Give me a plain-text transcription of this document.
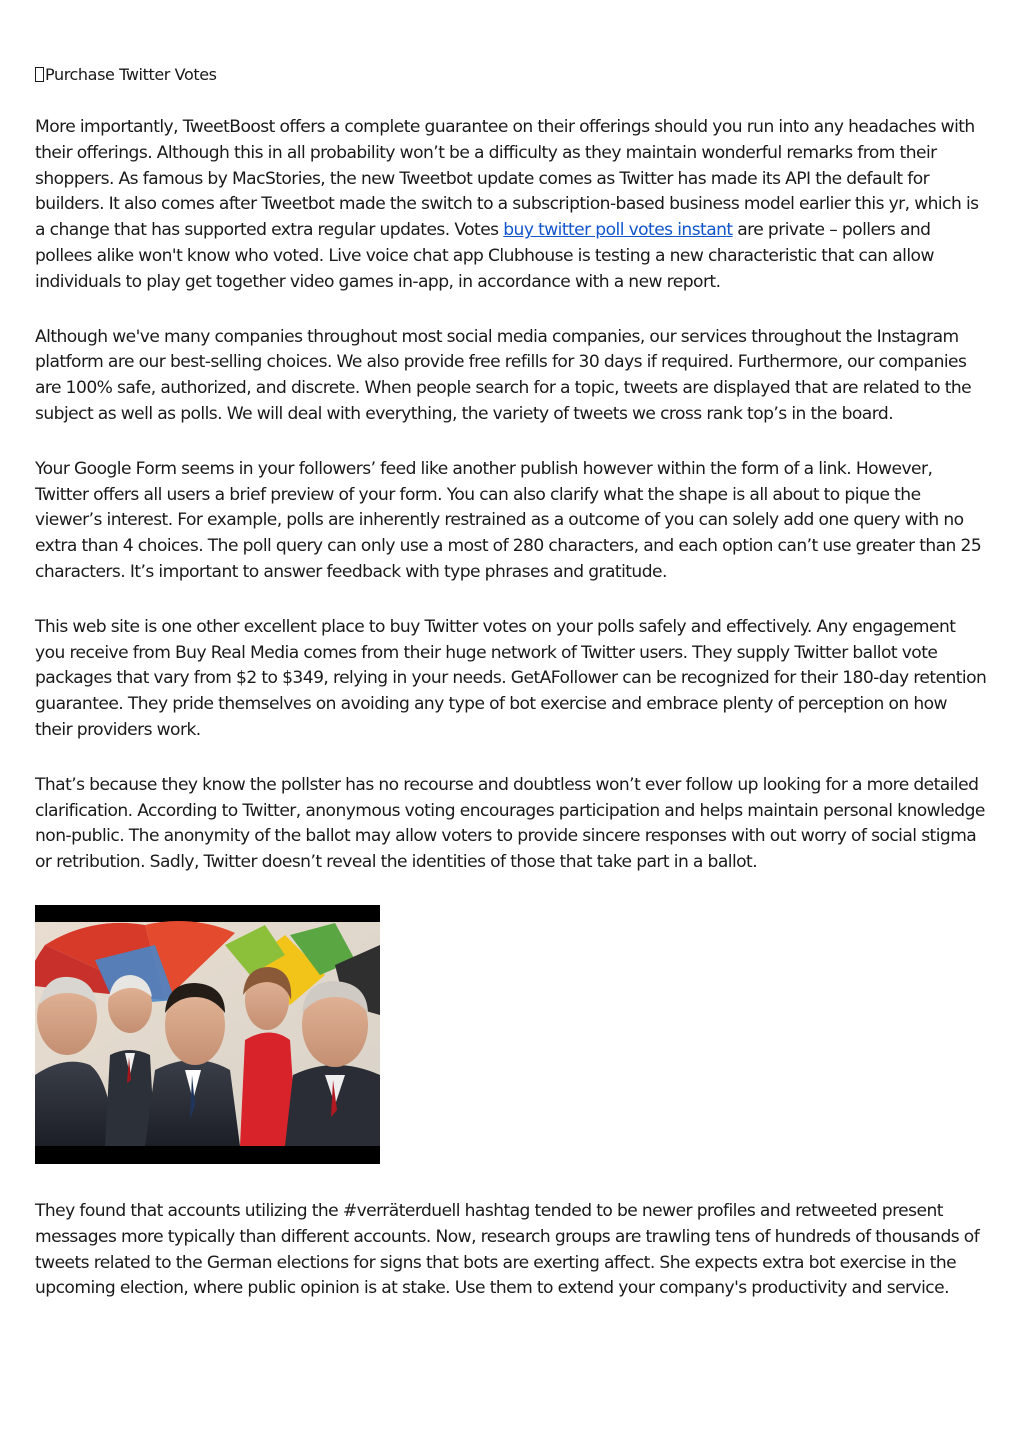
Purchase Twitter Votes

More importantly, TweetBoost offers a complete guarantee on their offerings should you run into any headaches with their offerings. Although this in all probability won’t be a difficulty as they maintain wonderful remarks from their shoppers. As famous by MacStories, the new Tweetbot update comes as Twitter has made its API the default for builders. It also comes after Tweetbot made the switch to a subscription-based business model earlier this yr, which is a change that has supported extra regular updates. Votes buy twitter poll votes instant are private – pollers and pollees alike won't know who voted. Live voice chat app Clubhouse is testing a new characteristic that can allow individuals to play get together video games in-app, in accordance with a new report.

Although we've many companies throughout most social media companies, our services throughout the Instagram platform are our best-selling choices. We also provide free refills for 30 days if required. Furthermore, our companies are 100% safe, authorized, and discrete. When people search for a topic, tweets are displayed that are related to the subject as well as polls. We will deal with everything, the variety of tweets we cross rank top’s in the board.

Your Google Form seems in your followers’ feed like another publish however within the form of a link. However, Twitter offers all users a brief preview of your form. You can also clarify what the shape is all about to pique the viewer’s interest. For example, polls are inherently restrained as a outcome of you can solely add one query with no extra than 4 choices. The poll query can only use a most of 280 characters, and each option can’t use greater than 25 characters. It’s important to answer feedback with type phrases and gratitude.

This web site is one other excellent place to buy Twitter votes on your polls safely and effectively. Any engagement you receive from Buy Real Media comes from their huge network of Twitter users. They supply Twitter ballot vote packages that vary from $2 to $349, relying in your needs. GetAFollower can be recognized for their 180-day retention guarantee. They pride themselves on avoiding any type of bot exercise and embrace plenty of perception on how their providers work.

That’s because they know the pollster has no recourse and doubtless won’t ever follow up looking for a more detailed clarification. According to Twitter, anonymous voting encourages participation and helps maintain personal knowledge non-public. The anonymity of the ballot may allow voters to provide sincere responses with out worry of social stigma or retribution. Sadly, Twitter doesn’t reveal the identities of those that take part in a ballot.

They found that accounts utilizing the #verräterduell hashtag tended to be newer profiles and retweeted present messages more typically than different accounts. Now, research groups are trawling tens of hundreds of thousands of tweets related to the German elections for signs that bots are exerting affect. She expects extra bot exercise in the upcoming election, where public opinion is at stake. Use them to extend your company's productivity and service.
